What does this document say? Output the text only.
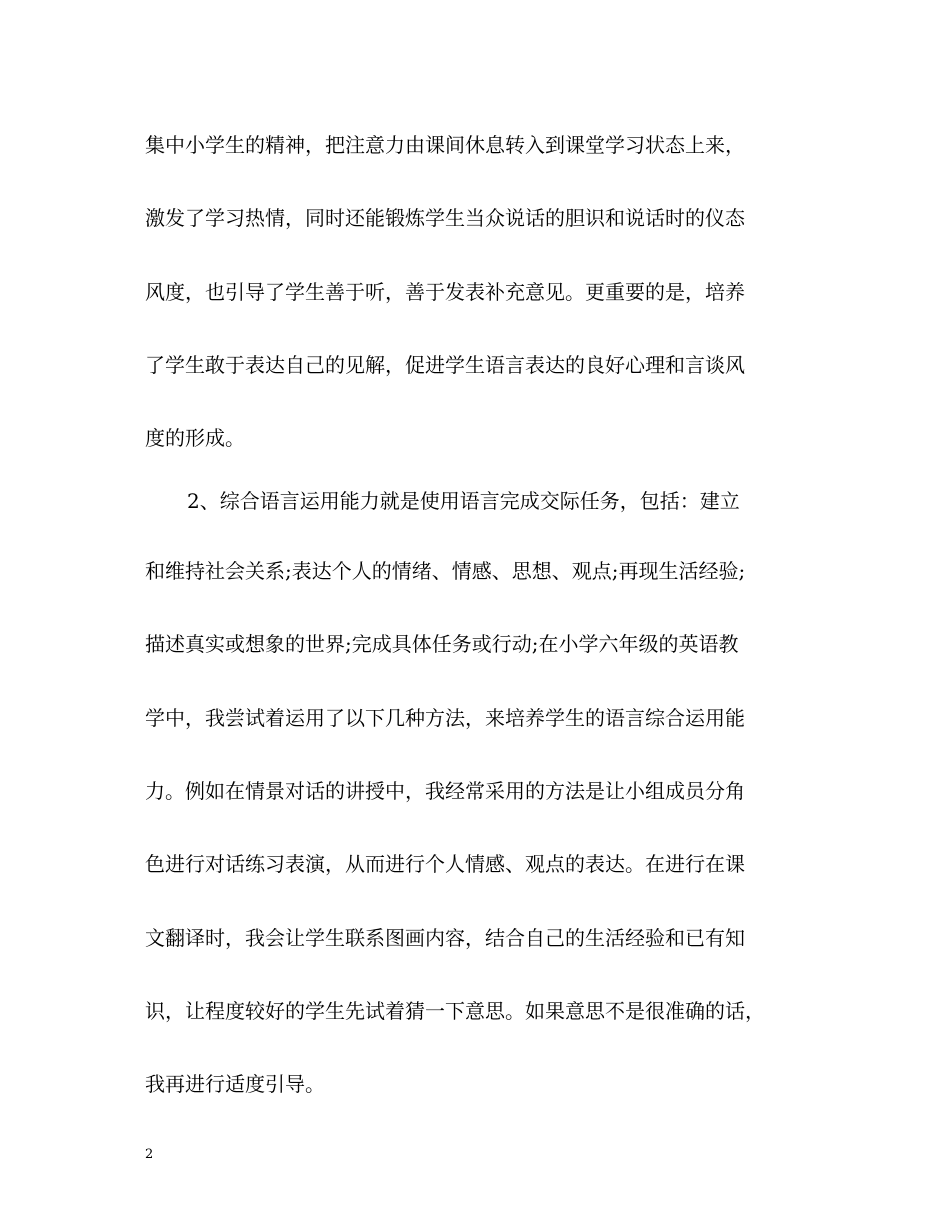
集中小学生的精神，把注意力由课间休息转入到课堂学习状态上来，
激发了学习热情，同时还能锻炼学生当众说话的胆识和说话时的仪态
风度，也引导了学生善于听，善于发表补充意见。更重要的是，培养
了学生敢于表达自己的见解，促进学生语言表达的良好心理和言谈风
度的形成。
2、综合语言运用能力就是使用语言完成交际任务，包括：建立
和维持社会关系;表达个人的情绪、情感、思想、观点;再现生活经验;
描述真实或想象的世界;完成具体任务或行动;在小学六年级的英语教
学中，我尝试着运用了以下几种方法，来培养学生的语言综合运用能
力。例如在情景对话的讲授中，我经常采用的方法是让小组成员分角
色进行对话练习表演，从而进行个人情感、观点的表达。在进行在课
文翻译时，我会让学生联系图画内容，结合自己的生活经验和已有知
识，让程度较好的学生先试着猜一下意思。如果意思不是很准确的话，
我再进行适度引导。
2
